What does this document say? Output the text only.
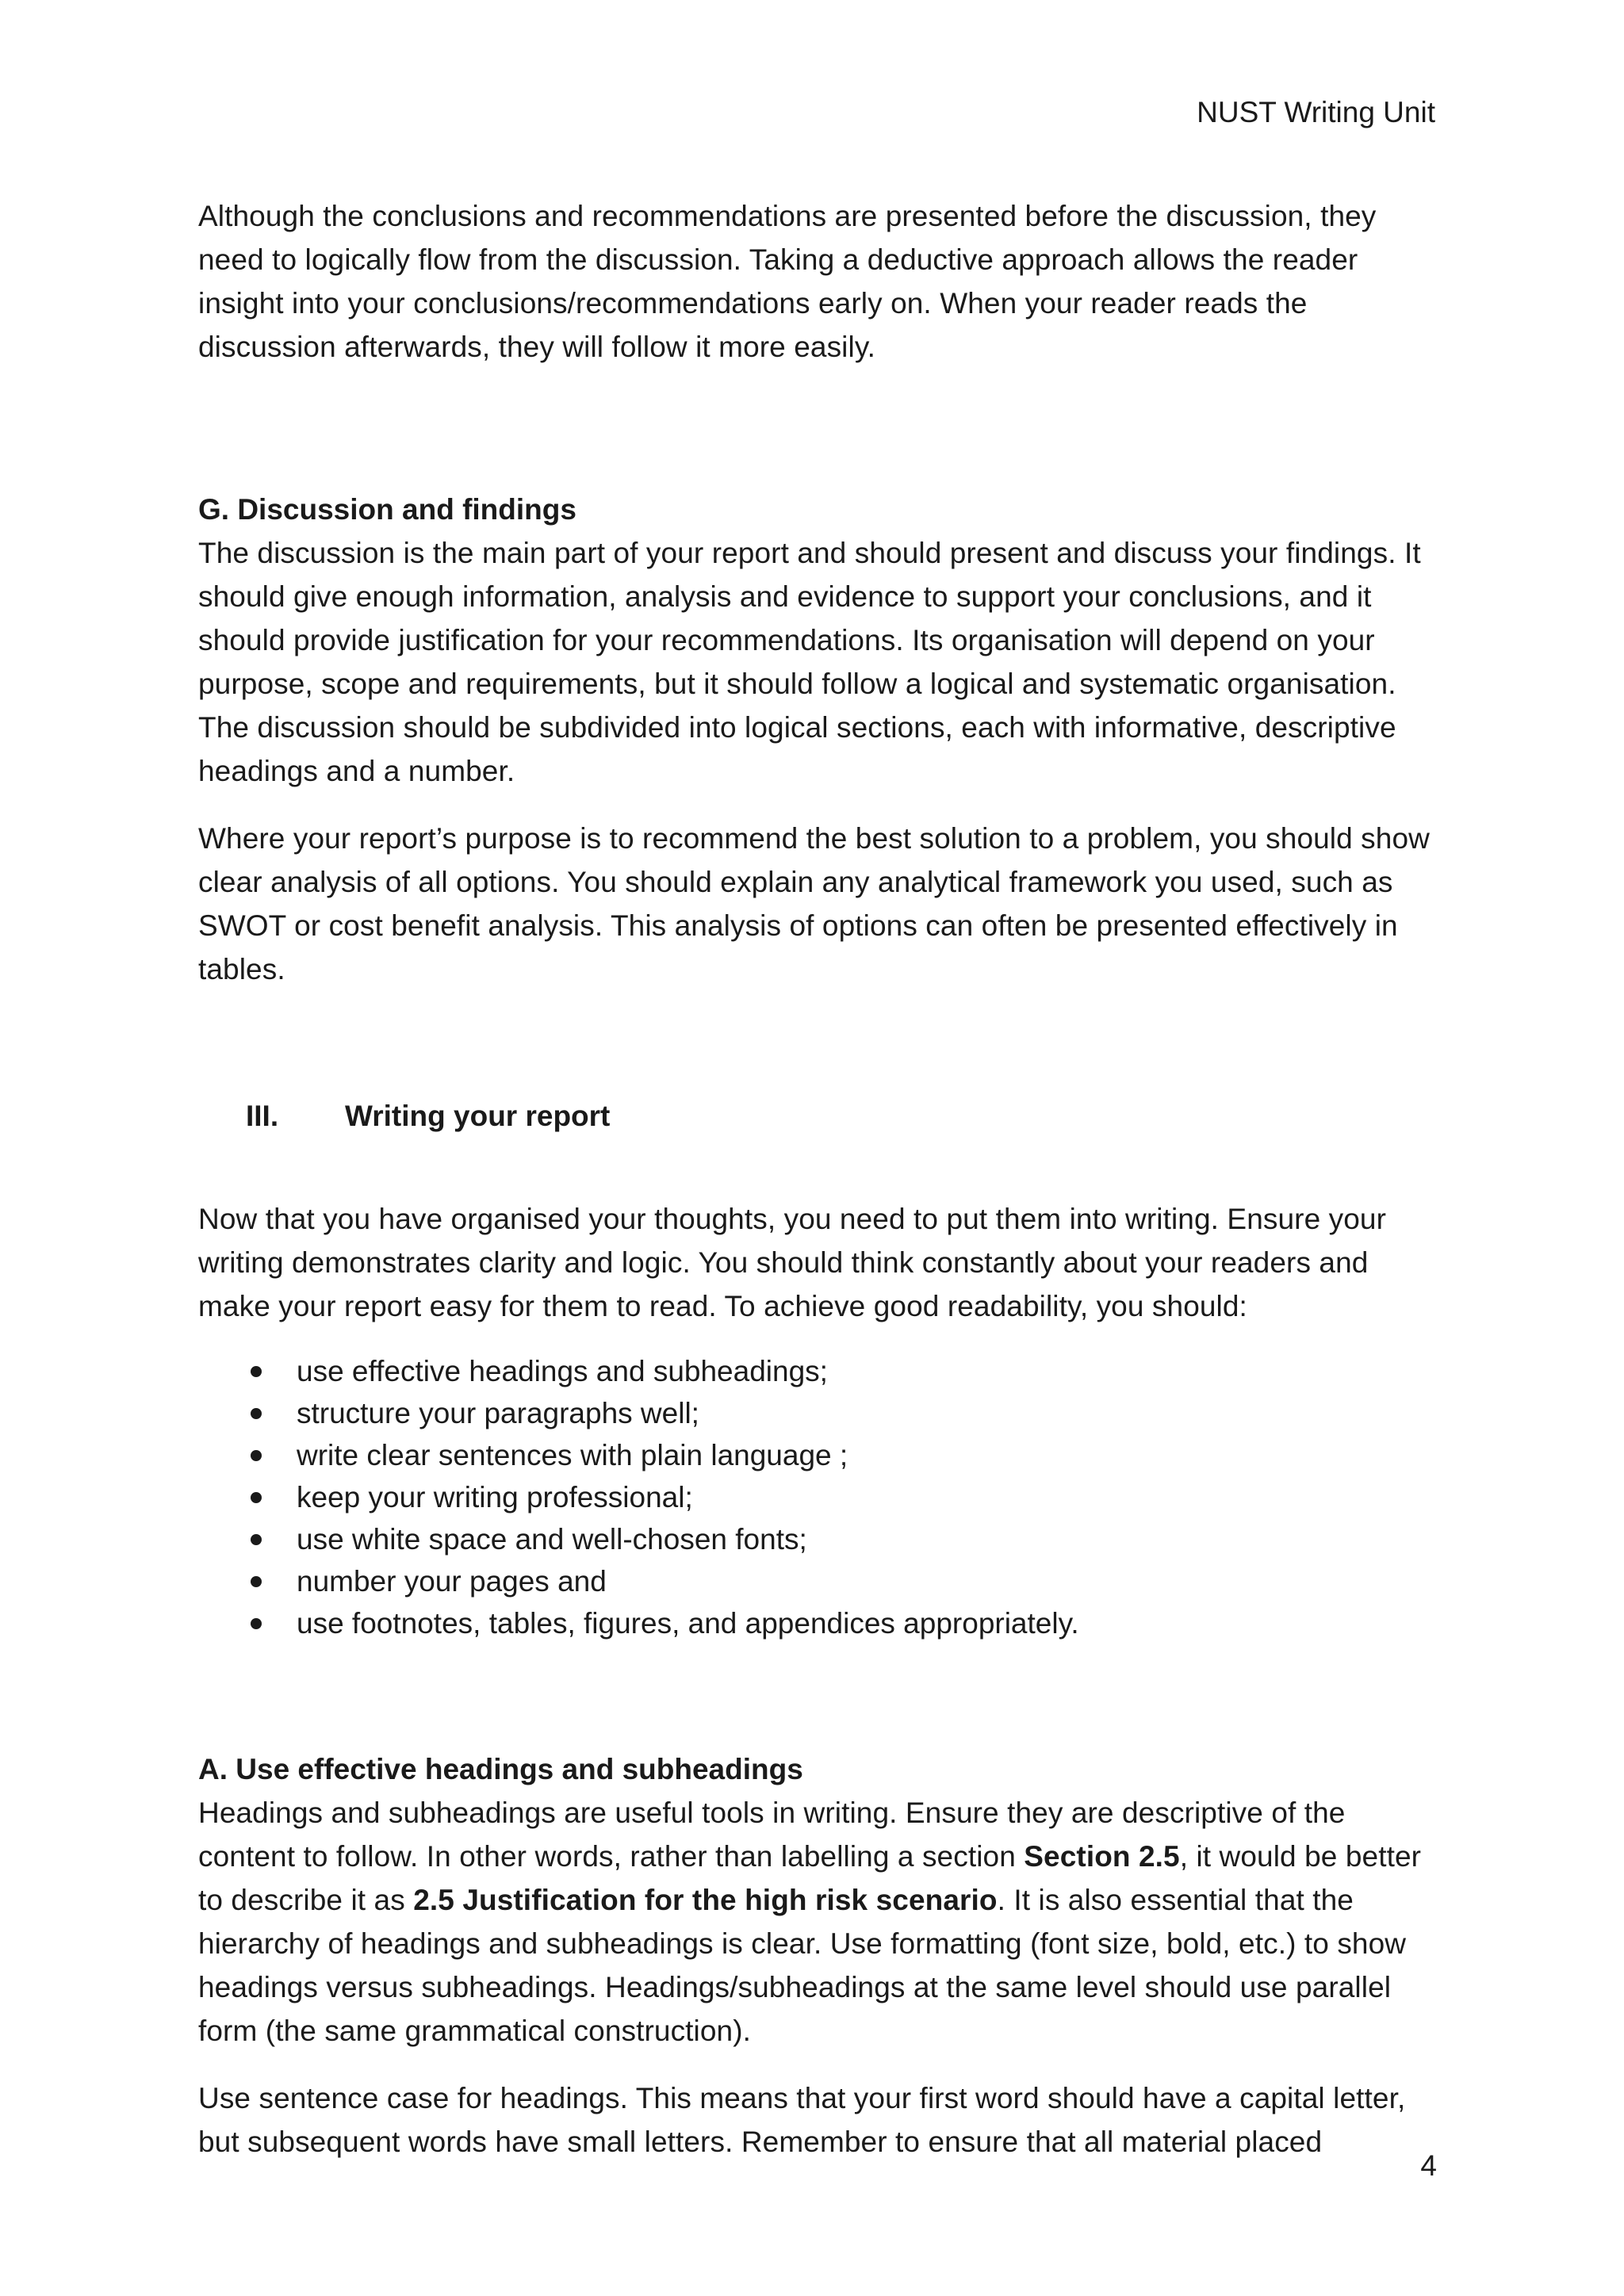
NUST Writing Unit

Although the conclusions and recommendations are presented before the discussion, they need to logically flow from the discussion. Taking a deductive approach allows the reader insight into your conclusions/recommendations early on. When your reader reads the discussion afterwards, they will follow it more easily.

G. Discussion and findings

The discussion is the main part of your report and should present and discuss your findings. It should give enough information, analysis and evidence to support your conclusions, and it should provide justification for your recommendations. Its organisation will depend on your purpose, scope and requirements, but it should follow a logical and systematic organisation. The discussion should be subdivided into logical sections, each with informative, descriptive headings and a number.

Where your report’s purpose is to recommend the best solution to a problem, you should show clear analysis of all options. You should explain any analytical framework you used, such as SWOT or cost benefit analysis. This analysis of options can often be presented effectively in tables.

III.	Writing your report

Now that you have organised your thoughts, you need to put them into writing. Ensure your writing demonstrates clarity and logic. You should think constantly about your readers and make your report easy for them to read. To achieve good readability, you should:

use effective headings and subheadings;
structure your paragraphs well;
write clear sentences with plain language ;
keep your writing professional;
use white space and well-chosen fonts;
number your pages and
use footnotes, tables, figures, and appendices appropriately.
A. Use effective headings and subheadings

Headings and subheadings are useful tools in writing. Ensure they are descriptive of the content to follow. In other words, rather than labelling a section Section 2.5, it would be better to describe it as 2.5 Justification for the high risk scenario. It is also essential that the hierarchy of headings and subheadings is clear. Use formatting (font size, bold, etc.) to show headings versus subheadings. Headings/subheadings at the same level should use parallel form (the same grammatical construction).

Use sentence case for headings. This means that your first word should have a capital letter, but subsequent words have small letters. Remember to ensure that all material placed

4
